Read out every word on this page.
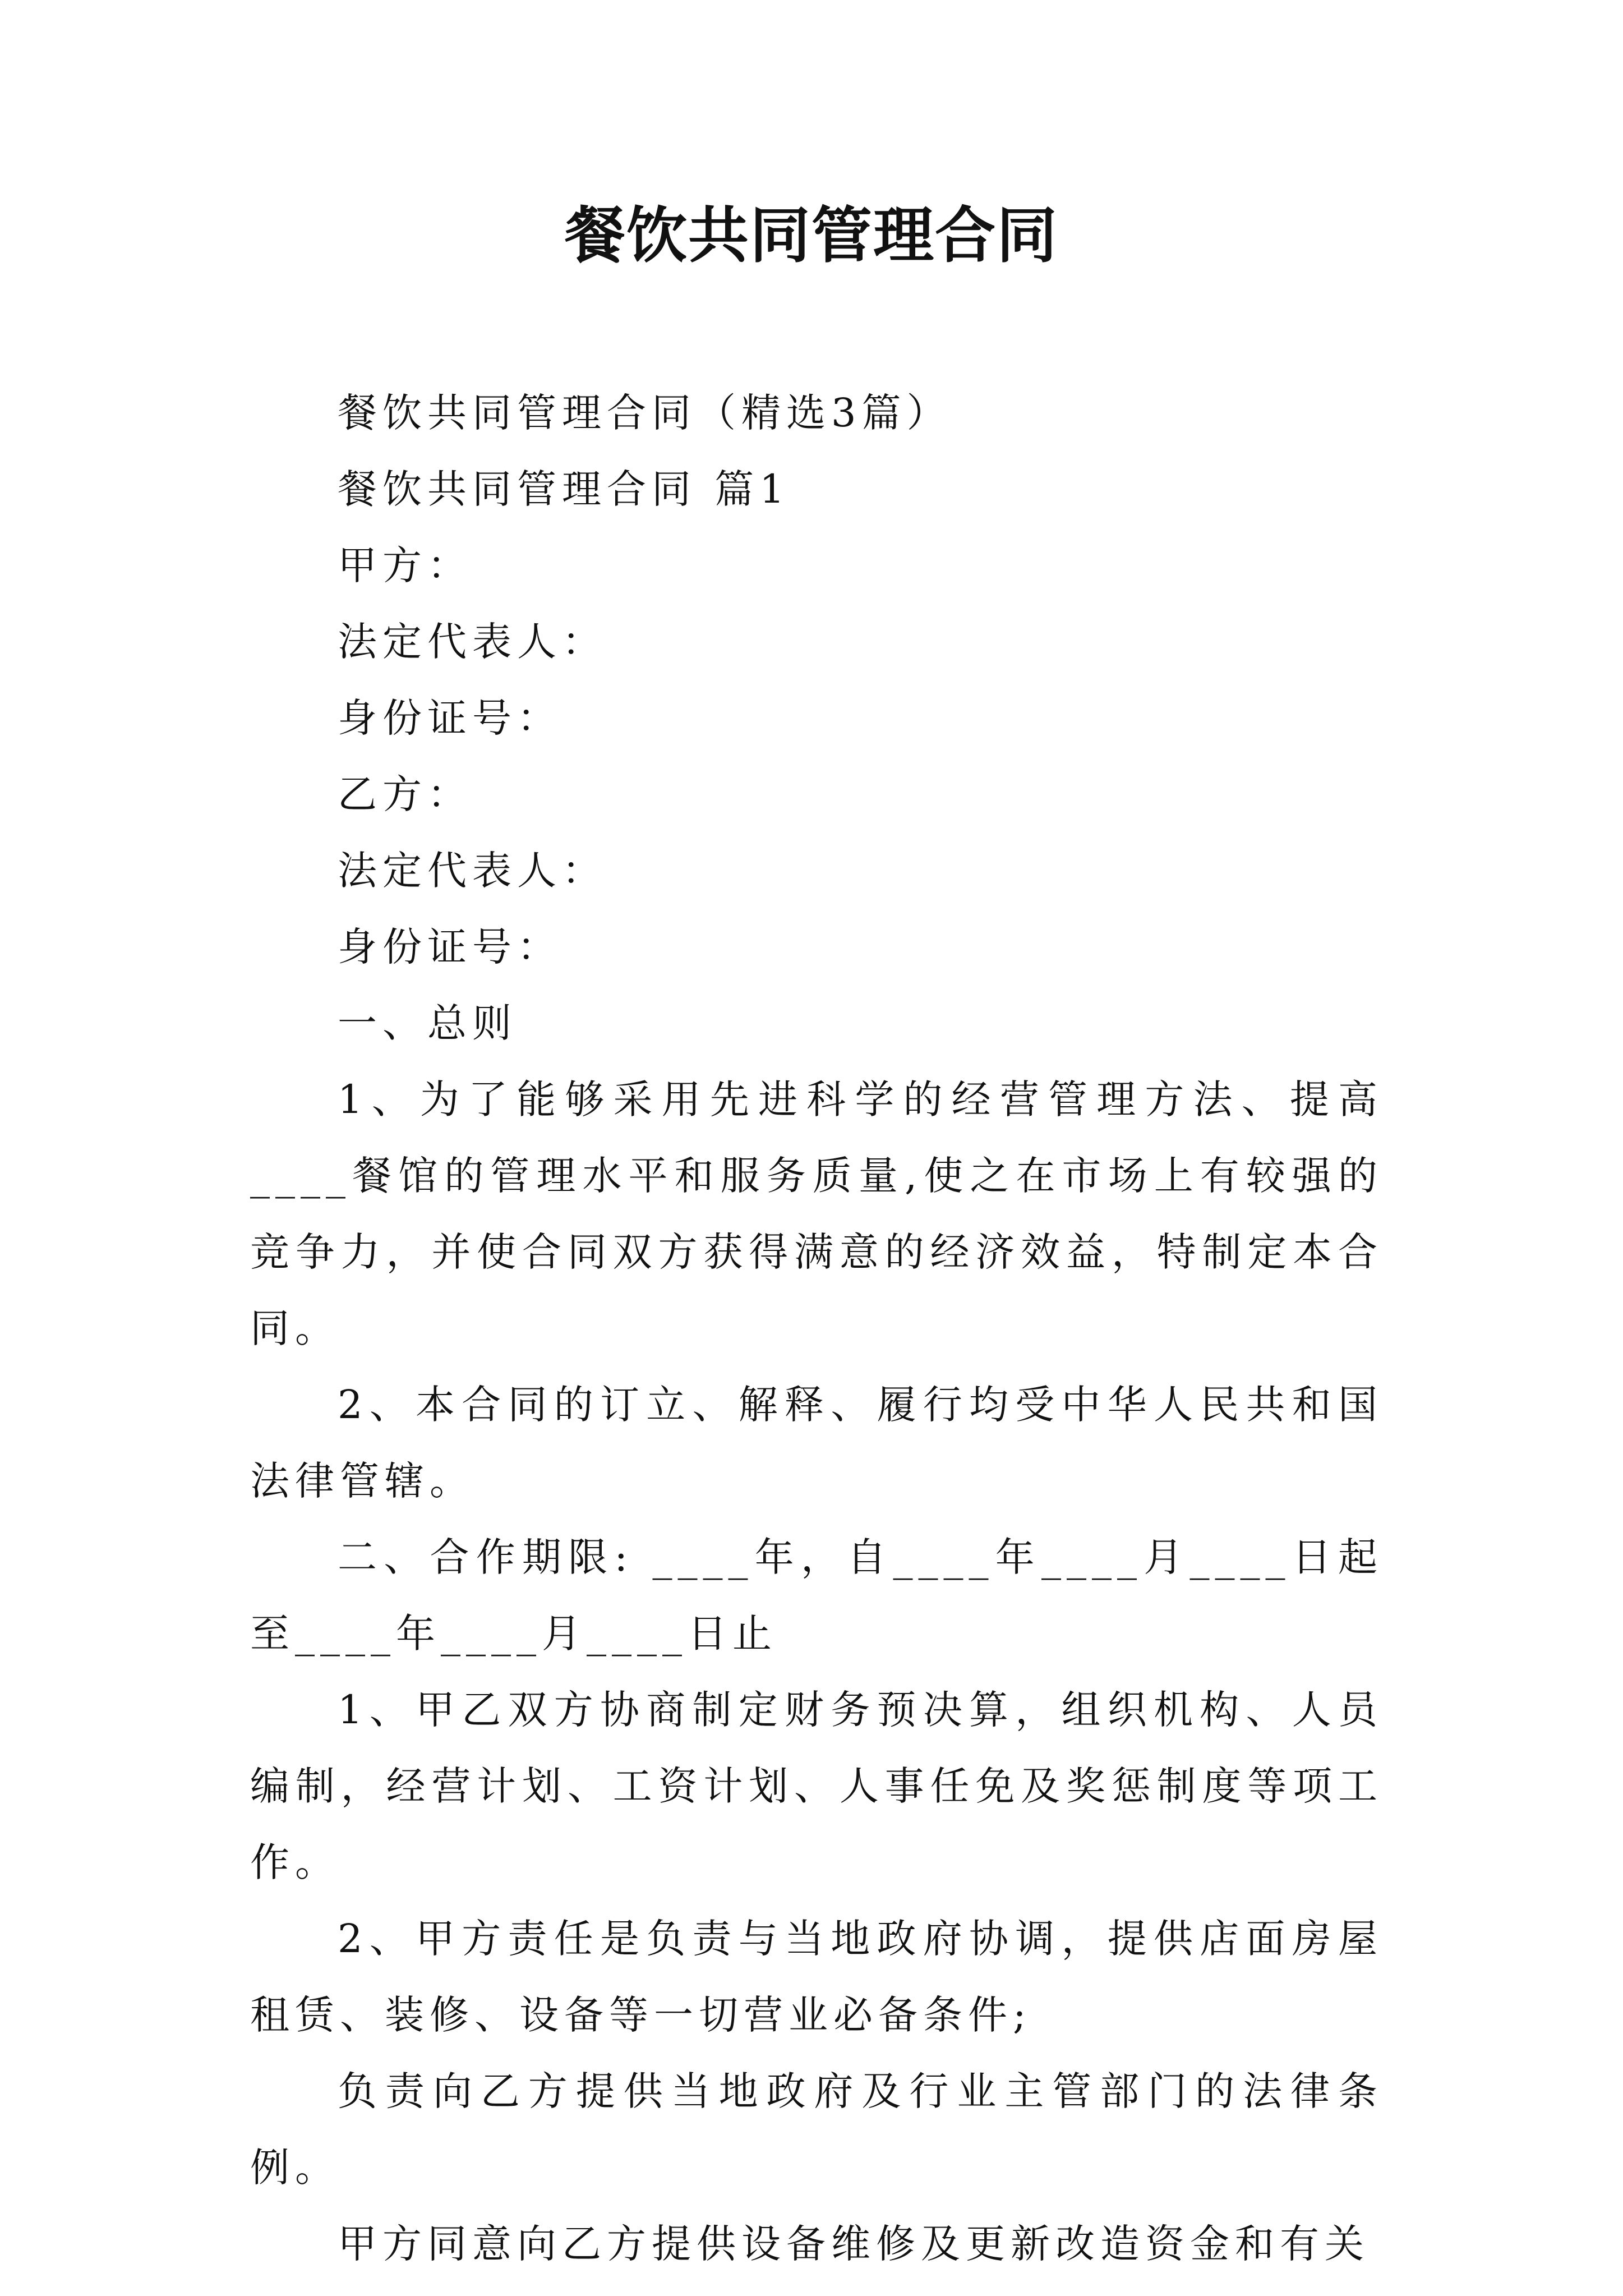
餐饮共同管理合同

餐饮共同管理合同（精选3篇）

餐饮共同管理合同 篇1

甲方：

法定代表人：

身份证号：

乙方：

法定代表人：

身份证号：

一、总则

1、为了能够采用先进科学的经营管理方法、提高____餐馆的管理水平和服务质量,使之在市场上有较强的竞争力，并使合同双方获得满意的经济效益，特制定本合同。

2、本合同的订立、解释、履行均受中华人民共和国法律管辖。

二、合作期限: ____年，自____年____月____日起至____年____月____日止

1、甲乙双方协商制定财务预决算，组织机构、人员编制，经营计划、工资计划、人事任免及奖惩制度等项工作。

2、甲方责任是负责与当地政府协调，提供店面房屋租赁、装修、设备等一切营业必备条件;

负责向乙方提供当地政府及行业主管部门的法律条例。

甲方同意向乙方提供设备维修及更新改造资金和有关
